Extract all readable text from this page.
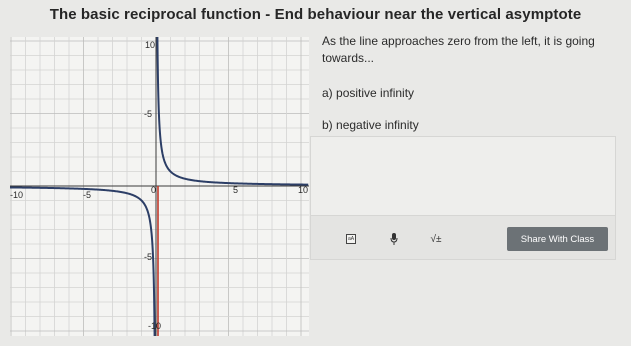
The basic reciprocal function - End behaviour near the vertical asymptote
-10	-5	0	5	10
10
-5
-5
-10
As the line approaches zero from the left, it is going towards...
a) positive infinity
b) negative infinity
aA	√±	Share With Class
